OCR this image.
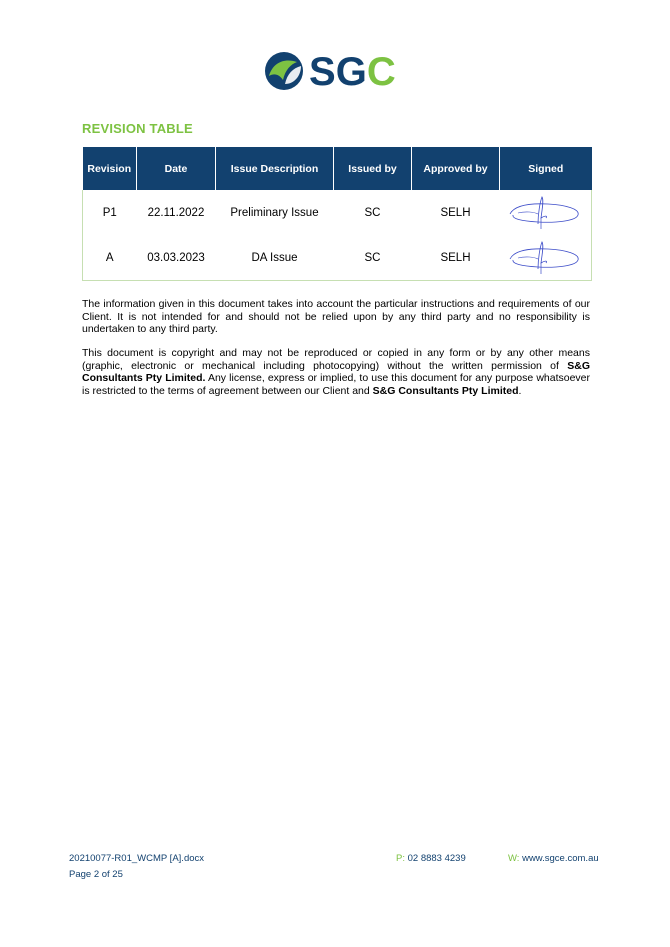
SGC
REVISION TABLE
Revision	Date	Issue Description	Issued by	Approved by	Signed
P1	22.11.2022	Preliminary Issue	SC	SELH	
A	03.03.2023	DA Issue	SC	SELH	

The information given in this document takes into account the particular instructions and requirements of our Client. It is not intended for and should not be relied upon by any third party and no responsibility is undertaken to any third party.

This document is copyright and may not be reproduced or copied in any form or by any other means (graphic, electronic or mechanical including photocopying) without the written permission of S&G Consultants Pty Limited. Any license, express or implied, to use this document for any purpose whatsoever is restricted to the terms of agreement between our Client and S&G Consultants Pty Limited.

20210077-R01_WCMP [A].docx
Page 2 of 25
P: 02 8883 4239	W: www.sgce.com.au
